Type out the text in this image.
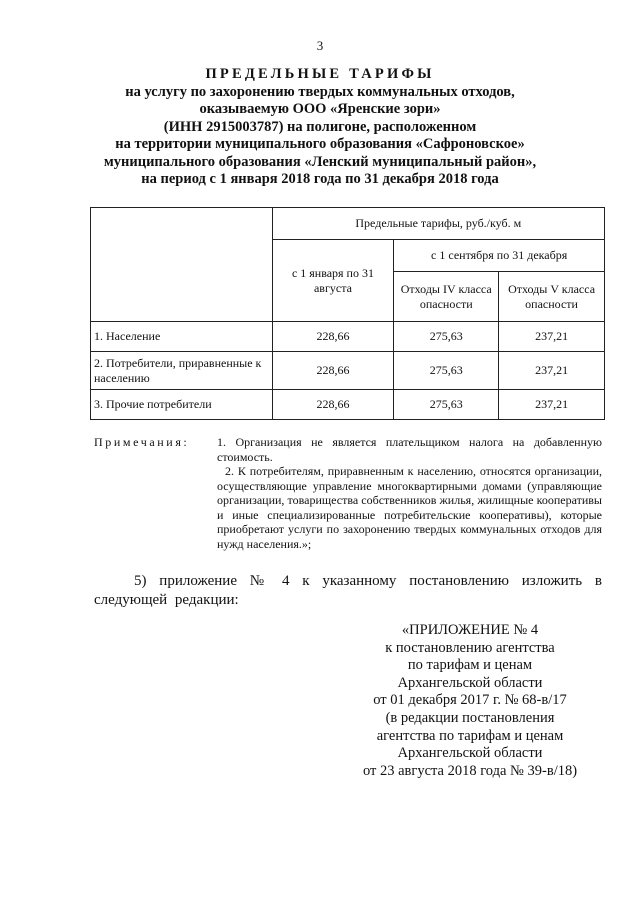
3
ПРЕДЕЛЬНЫЕ ТАРИФЫ
на услугу по захоронению твердых коммунальных отходов,
оказываемую ООО «Яренские зори»
(ИНН 2915003787) на полигоне, расположенном
на территории муниципального образования «Сафроновское»
муниципального образования «Ленский муниципальный район»,
на период с 1 января 2018 года по 31 декабря 2018 года
	Предельные тарифы, руб./куб. м		
	с 1 января по 31 августа	с 1 сентября по 31 декабря	
		Отходы IV класса опасности	Отходы V класса опасности
1. Население	228,66	275,63	237,21
2. Потребители, приравненные к населению	228,66	275,63	237,21
3. Прочие потребители	228,66	275,63	237,21
Примечания: 1. Организация не является плательщиком налога на добавленную стоимость.

2. К потребителям, приравненным к населению, относятся организации, осуществляющие управление многоквартирными домами (управляющие организации, товарищества собственников жилья, жилищные кооперативы и иные специализированные потребительские кооперативы), которые приобретают услуги по захоронению твердых коммунальных отходов для нужд населения.»;

5) приложение № 4 к указанному постановлению изложить в следующей редакции:
«ПРИЛОЖЕНИЕ № 4
к постановлению агентства
по тарифам и ценам
Архангельской области
от 01 декабря 2017 г. № 68-в/17
(в редакции постановления
агентства по тарифам и ценам
Архангельской области
от 23 августа 2018 года № 39-в/18)
